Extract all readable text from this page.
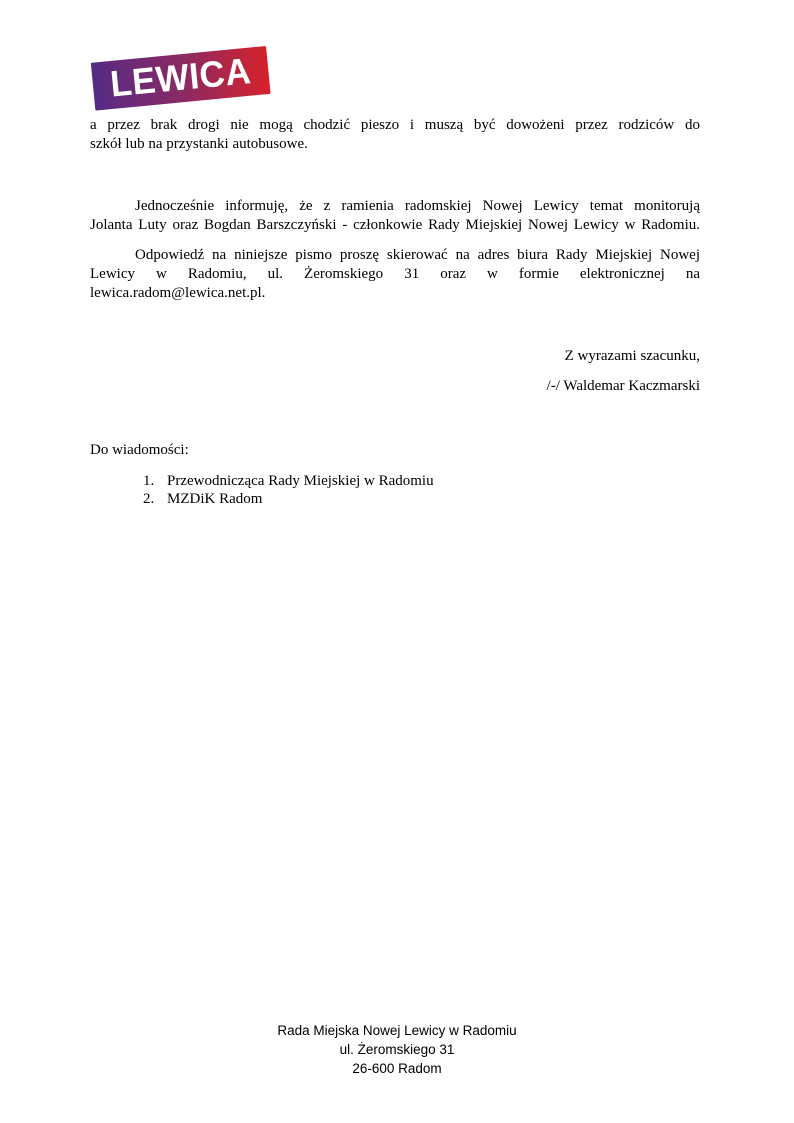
LEWICA
a przez brak drogi nie mogą chodzić pieszo i muszą być dowożeni przez rodziców do
szkół lub na przystanki autobusowe.
Jednocześnie informuję, że z ramienia radomskiej Nowej Lewicy temat monitorują
Jolanta Luty oraz Bogdan Barszczyński - członkowie Rady Miejskiej Nowej Lewicy w Radomiu.
Odpowiedź na niniejsze pismo proszę skierować na adres biura Rady Miejskiej Nowej
Lewicy w Radomiu, ul. Żeromskiego 31 oraz w formie elektronicznej na
lewica.radom@lewica.net.pl.
Z wyrazami szacunku,
/-/ Waldemar Kaczmarski
Do wiadomości:
1. Przewodnicząca Rady Miejskiej w Radomiu
2. MZDiK Radom
Rada Miejska Nowej Lewicy w Radomiu
ul. Żeromskiego 31
26-600 Radom
